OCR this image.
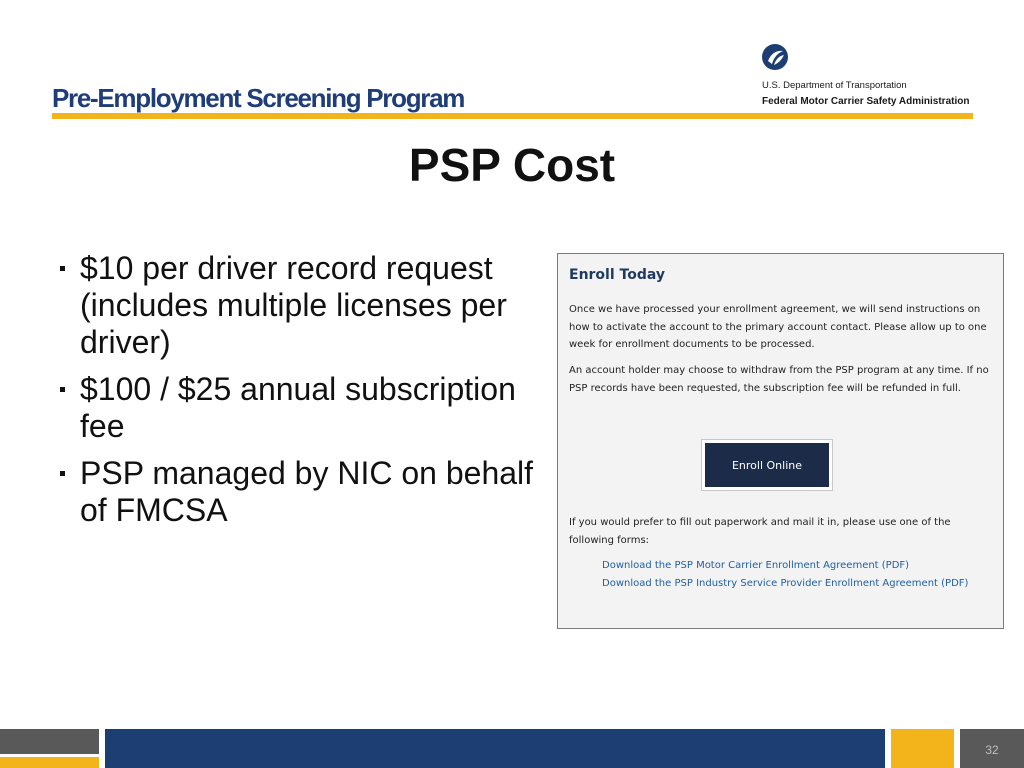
Pre-Employment Screening Program	U.S. Department of Transportation
Federal Motor Carrier Safety Administration
PSP Cost
$10 per driver record request (includes multiple licenses per driver)
$100 / $25 annual subscription fee
PSP managed by NIC on behalf of FMCSA
Enroll Today

Once we have processed your enrollment agreement, we will send instructions on how to activate the account to the primary account contact. Please allow up to one week for enrollment documents to be processed.

An account holder may choose to withdraw from the PSP program at any time. If no PSP records have been requested, the subscription fee will be refunded in full.

Enroll Online

If you would prefer to fill out paperwork and mail it in, please use one of the following forms:

Download the PSP Motor Carrier Enrollment Agreement (PDF)
Download the PSP Industry Service Provider Enrollment Agreement (PDF)
32
